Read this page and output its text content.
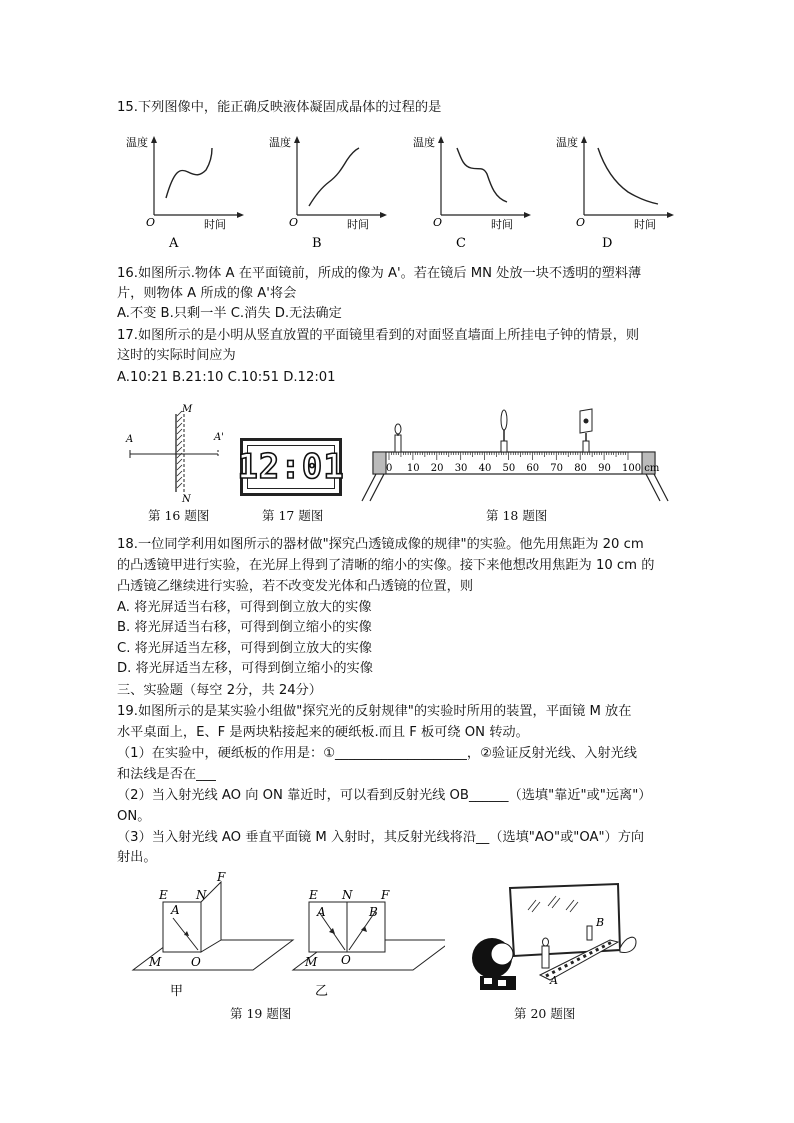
15.下列图像中，能正确反映液体凝固成晶体的过程的是
温度
O	时间
A
温度
O	时间
B
温度
O	时间
C
温度
O	时间
D
16.如图所示.物体 A 在平面镜前，所成的像为 A'。若在镜后 MN 处放一块不透明的塑料薄
片，则物体 A 所成的像 A'将会
A.不变 B.只剩一半 C.消失 D.无法确定
17.如图所示的是小明从竖直放置的平面镜里看到的对面竖直墙面上所挂电子钟的情景，则
这时的实际时间应为
A.10:21 B.21:10 C.10:51 D.12:01
A	A'
M
N
第 16 题图
12:01
第 17 题图
0 10 20 30 40 50 60 70 80 90 100 cm
第 18 题图
18.一位同学利用如图所示的器材做"探究凸透镜成像的规律"的实验。他先用焦距为 20 cm
的凸透镜甲进行实验，在光屏上得到了清晰的缩小的实像。接下来他想改用焦距为 10 cm 的
凸透镜乙继续进行实验，若不改变发光体和凸透镜的位置，则
A. 将光屏适当右移，可得到倒立放大的实像
B. 将光屏适当右移，可得到倒立缩小的实像
C. 将光屏适当左移，可得到倒立放大的实像
D. 将光屏适当左移，可得到倒立缩小的实像
三、实验题（每空 2分，共 24分）
19.如图所示的是某实验小组做"探究光的反射规律"的实验时所用的装置，平面镜 M 放在
水平桌面上，E、F 是两块粘接起来的硬纸板.而且 F 板可绕 ON 转动。
（1）在实验中，硬纸板的作用是：①____________________，②验证反射光线、入射光线
和法线是否在___
（2）当入射光线 AO 向 ON 靠近时，可以看到反射光线 OB______（选填"靠近"或"远离"）
ON。
（3）当入射光线 AO 垂直平面镜 M 入射时，其反射光线将沿__（选填"AO"或"OA"）方向
射出。
E N
F
A
O
M
甲
E N F
A	B
O
M
乙
第 19 题图
B
A
第 20 题图
